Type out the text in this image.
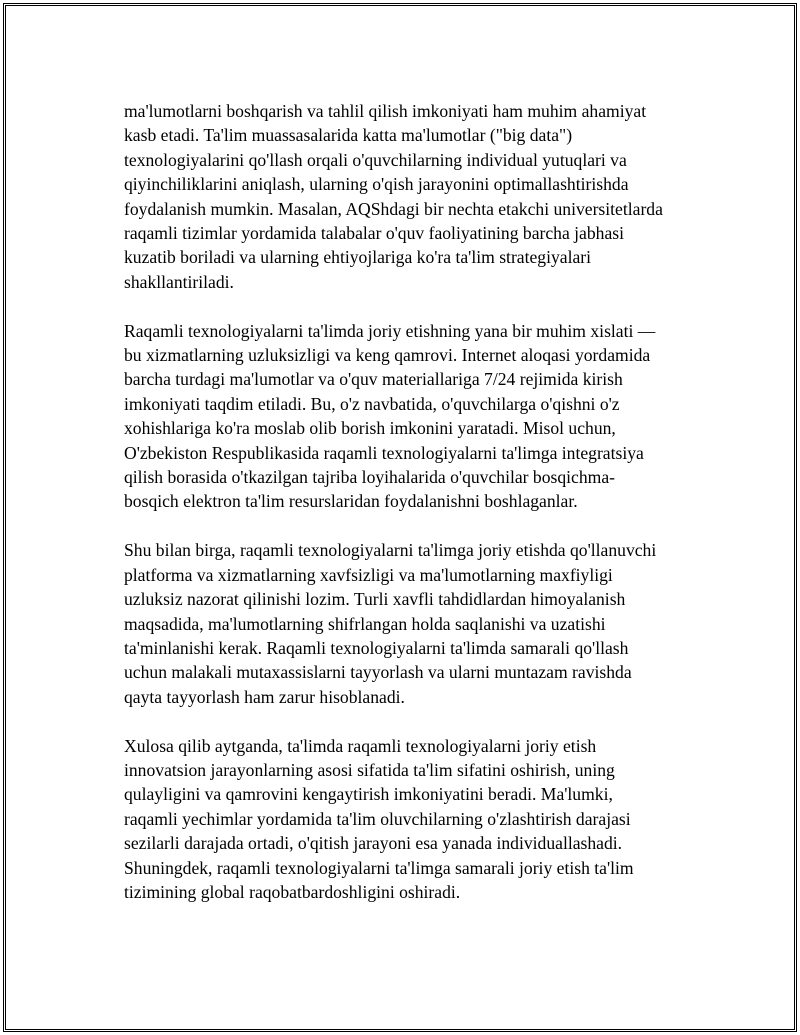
ma'lumotlarni boshqarish va tahlil qilish imkoniyati ham muhim ahamiyat
kasb etadi. Ta'lim muassasalarida katta ma'lumotlar ("big data")
texnologiyalarini qo'llash orqali o'quvchilarning individual yutuqlari va
qiyinchiliklarini aniqlash, ularning o'qish jarayonini optimallashtirishda
foydalanish mumkin. Masalan, AQShdagi bir nechta etakchi universitetlarda
raqamli tizimlar yordamida talabalar o'quv faoliyatining barcha jabhasi
kuzatib boriladi va ularning ehtiyojlariga ko'ra ta'lim strategiyalari
shakllantiriladi.

Raqamli texnologiyalarni ta'limda joriy etishning yana bir muhim xislati —
bu xizmatlarning uzluksizligi va keng qamrovi. Internet aloqasi yordamida
barcha turdagi ma'lumotlar va o'quv materiallariga 7/24 rejimida kirish
imkoniyati taqdim etiladi. Bu, o'z navbatida, o'quvchilarga o'qishni o'z
xohishlariga ko'ra moslab olib borish imkonini yaratadi. Misol uchun,
O'zbekiston Respublikasida raqamli texnologiyalarni ta'limga integratsiya
qilish borasida o'tkazilgan tajriba loyihalarida o'quvchilar bosqichma-
bosqich elektron ta'lim resurslaridan foydalanishni boshlaganlar.

Shu bilan birga, raqamli texnologiyalarni ta'limga joriy etishda qo'llanuvchi
platforma va xizmatlarning xavfsizligi va ma'lumotlarning maxfiyligi
uzluksiz nazorat qilinishi lozim. Turli xavfli tahdidlardan himoyalanish
maqsadida, ma'lumotlarning shifrlangan holda saqlanishi va uzatishi
ta'minlanishi kerak. Raqamli texnologiyalarni ta'limda samarali qo'llash
uchun malakali mutaxassislarni tayyorlash va ularni muntazam ravishda
qayta tayyorlash ham zarur hisoblanadi.

Xulosa qilib aytganda, ta'limda raqamli texnologiyalarni joriy etish
innovatsion jarayonlarning asosi sifatida ta'lim sifatini oshirish, uning
qulayligini va qamrovini kengaytirish imkoniyatini beradi. Ma'lumki,
raqamli yechimlar yordamida ta'lim oluvchilarning o'zlashtirish darajasi
sezilarli darajada ortadi, o'qitish jarayoni esa yanada individuallashadi.
Shuningdek, raqamli texnologiyalarni ta'limga samarali joriy etish ta'lim
tizimining global raqobatbardoshligini oshiradi.
